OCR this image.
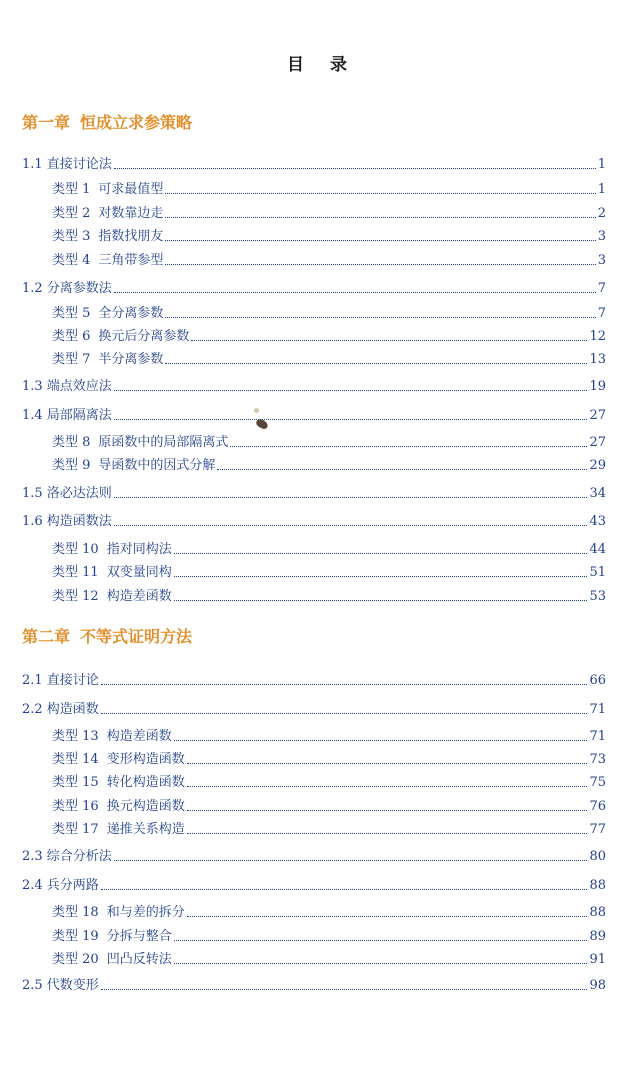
目 录
第一章 恒成立求参策略
1.1 直接讨论法	1
类型 1 可求最值型	1
类型 2 对数靠边走	2
类型 3 指数找朋友	3
类型 4 三角带参型	3
1.2 分离参数法	7
类型 5 全分离参数	7
类型 6 换元后分离参数	12
类型 7 半分离参数	13
1.3 端点效应法	19
1.4 局部隔离法	27
类型 8 原函数中的局部隔离式	27
类型 9 导函数中的因式分解	29
1.5 洛必达法则	34
1.6 构造函数法	43
类型 10 指对同构法	44
类型 11 双变量同构	51
类型 12 构造差函数	53
第二章 不等式证明方法
2.1 直接讨论	66
2.2 构造函数	71
类型 13 构造差函数	71
类型 14 变形构造函数	73
类型 15 转化构造函数	75
类型 16 换元构造函数	76
类型 17 递推关系构造	77
2.3 综合分析法	80
2.4 兵分两路	88
类型 18 和与差的拆分	88
类型 19 分拆与整合	89
类型 20 凹凸反转法	91
2.5 代数变形	98
